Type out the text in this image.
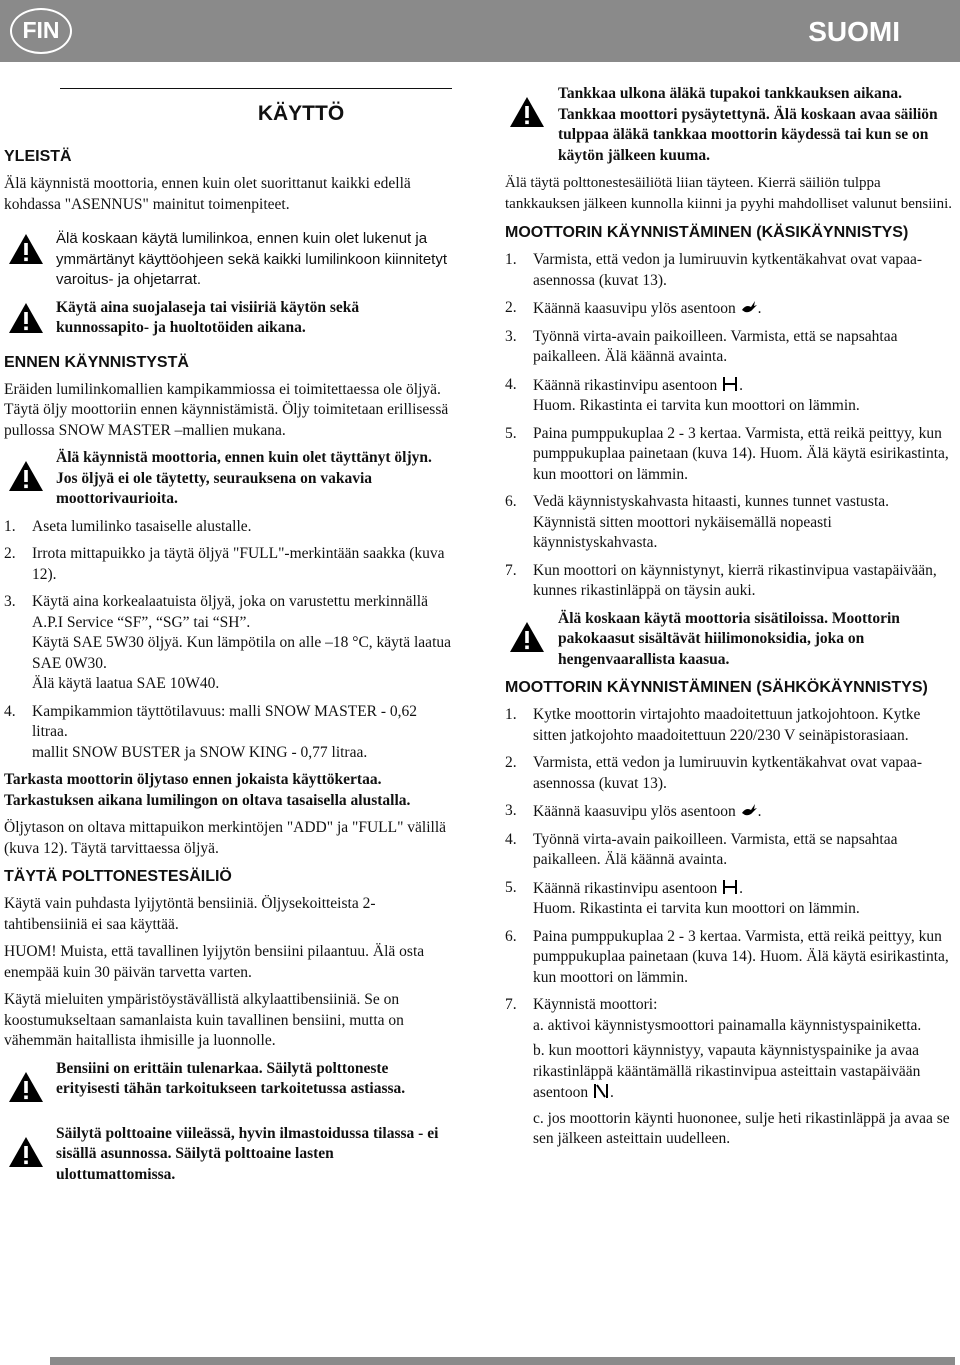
FIN	SUOMI
KÄYTTÖ
YLEISTÄ

Älä käynnistä moottoria, ennen kuin olet suorittanut kaikki edellä kohdassa "ASENNUS" mainitut toimenpiteet.

Älä koskaan käytä lumilinkoa, ennen kuin olet lukenut ja ymmärtänyt käyttöohjeen sekä kaikki lumilinkoon kiinnitetyt varoitus- ja ohjetarrat.
Käytä aina suojalaseja tai visiiriä käytön sekä kunnossapito- ja huoltotöiden aikana.
ENNEN KÄYNNISTYSTÄ

Eräiden lumilinkomallien kampikammiossa ei toimitettaessa ole öljyä. Täytä öljy moottoriin ennen käynnistämistä. Öljy toimitetaan erillisessä pullossa SNOW MASTER –mallien mukana.

Älä käynnistä moottoria, ennen kuin olet täyttänyt öljyn. Jos öljyä ei ole täytetty, seurauksena on vakavia moottorivaurioita.
1. Aseta lumilinko tasaiselle alustalle.
2. Irrota mittapuikko ja täytä öljyä "FULL"-merkintään saakka (kuva 12).
3. Käytä aina korkealaatuista öljyä, joka on varustettu merkinnällä A.P.I Service “SF”, “SG” tai “SH”.
Käytä SAE 5W30 öljyä. Kun lämpötila on alle –18 °C, käytä laatua SAE 0W30.
Älä käytä laatua SAE 10W40.
4. Kampikammion täyttötilavuus: malli SNOW MASTER - 0,62 litraa.
mallit SNOW BUSTER ja SNOW KING - 0,77 litraa.

Tarkasta moottorin öljytaso ennen jokaista käyttökertaa. Tarkastuksen aikana lumilingon on oltava tasaisella alustalla.

Öljytason on oltava mittapuikon merkintöjen "ADD" ja "FULL" välillä (kuva 12). Täytä tarvittaessa öljyä.

TÄYTÄ POLTTONESTESÄILIÖ

Käytä vain puhdasta lyijytöntä bensiiniä. Öljysekoitteista 2-tahtibensiiniä ei saa käyttää.

HUOM! Muista, että tavallinen lyijytön bensiini pilaantuu. Älä osta enempää kuin 30 päivän tarvetta varten.

Käytä mieluiten ympäristöystävällistä alkylaattibensiiniä. Se on koostumukseltaan samanlaista kuin tavallinen bensiini, mutta on vähemmän haitallista ihmisille ja luonnolle.

Bensiini on erittäin tulenarkaa. Säilytä polttoneste erityisesti tähän tarkoitukseen tarkoitetussa astiassa.
Säilytä polttoaine viileässä, hyvin ilmastoidussa tilassa - ei sisällä asunnossa. Säilytä polttoaine lasten ulottumattomissa.
Tankkaa ulkona äläkä tupakoi tankkauksen aikana. Tankkaa moottori pysäytettynä. Älä koskaan avaa säiliön tulppaa äläkä tankkaa moottorin käydessä tai kun se on käytön jälkeen kuuma.

Älä täytä polttonestesäiliötä liian täyteen. Kierrä säiliön tulppa tankkauksen jälkeen kunnolla kiinni ja pyyhi mahdolliset valunut bensiini.

MOOTTORIN KÄYNNISTÄMINEN (KÄSIKÄYNNISTYS)
1. Varmista, että vedon ja lumiruuvin kytkentäkahvat ovat vapaa-asennossa (kuvat 13).
2. Käännä kaasuvipu ylös asentoon .
3. Työnnä virta-avain paikoilleen. Varmista, että se napsahtaa paikalleen. Älä käännä avainta.
4. Käännä rikastinvipu asentoon .
Huom. Rikastinta ei tarvita kun moottori on lämmin.
5. Paina pumppukuplaa 2 - 3 kertaa. Varmista, että reikä peittyy, kun pumppukuplaa painetaan (kuva 14). Huom. Älä käytä esirikastinta, kun moottori on lämmin.
6. Vedä käynnistyskahvasta hitaasti, kunnes tunnet vastusta. Käynnistä sitten moottori nykäisemällä nopeasti käynnistyskahvasta.
7. Kun moottori on käynnistynyt, kierrä rikastinvipua vastapäivään, kunnes rikastinläppä on täysin auki.
Älä koskaan käytä moottoria sisätiloissa. Moottorin pakokaasut sisältävät hiilimonoksidia, joka on hengenvaarallista kaasua.
MOOTTORIN KÄYNNISTÄMINEN (SÄHKÖKÄYNNISTYS)
1. Kytke moottorin virtajohto maadoitettuun jatkojohtoon. Kytke sitten jatkojohto maadoitettuun 220/230 V seinäpistorasiaan.
2. Varmista, että vedon ja lumiruuvin kytkentäkahvat ovat vapaa-asennossa (kuvat 13).
3. Käännä kaasuvipu ylös asentoon .
4. Työnnä virta-avain paikoilleen. Varmista, että se napsahtaa paikalleen. Älä käännä avainta.
5. Käännä rikastinvipu asentoon .
Huom. Rikastinta ei tarvita kun moottori on lämmin.
6. Paina pumppukuplaa 2 - 3 kertaa. Varmista, että reikä peittyy, kun pumppukuplaa painetaan (kuva 14). Huom. Älä käytä esirikastinta, kun moottori on lämmin.
7. Käynnistä moottori:
a. aktivoi käynnistysmoottori painamalla käynnistyspainiketta.
b. kun moottori käynnistyy, vapauta käynnistyspainike ja avaa rikastinläppä kääntämällä rikastinvipua asteittain vastapäivään asentoon .
c. jos moottorin käynti huononee, sulje heti rikastinläppä ja avaa se sen jälkeen asteittain uudelleen.
